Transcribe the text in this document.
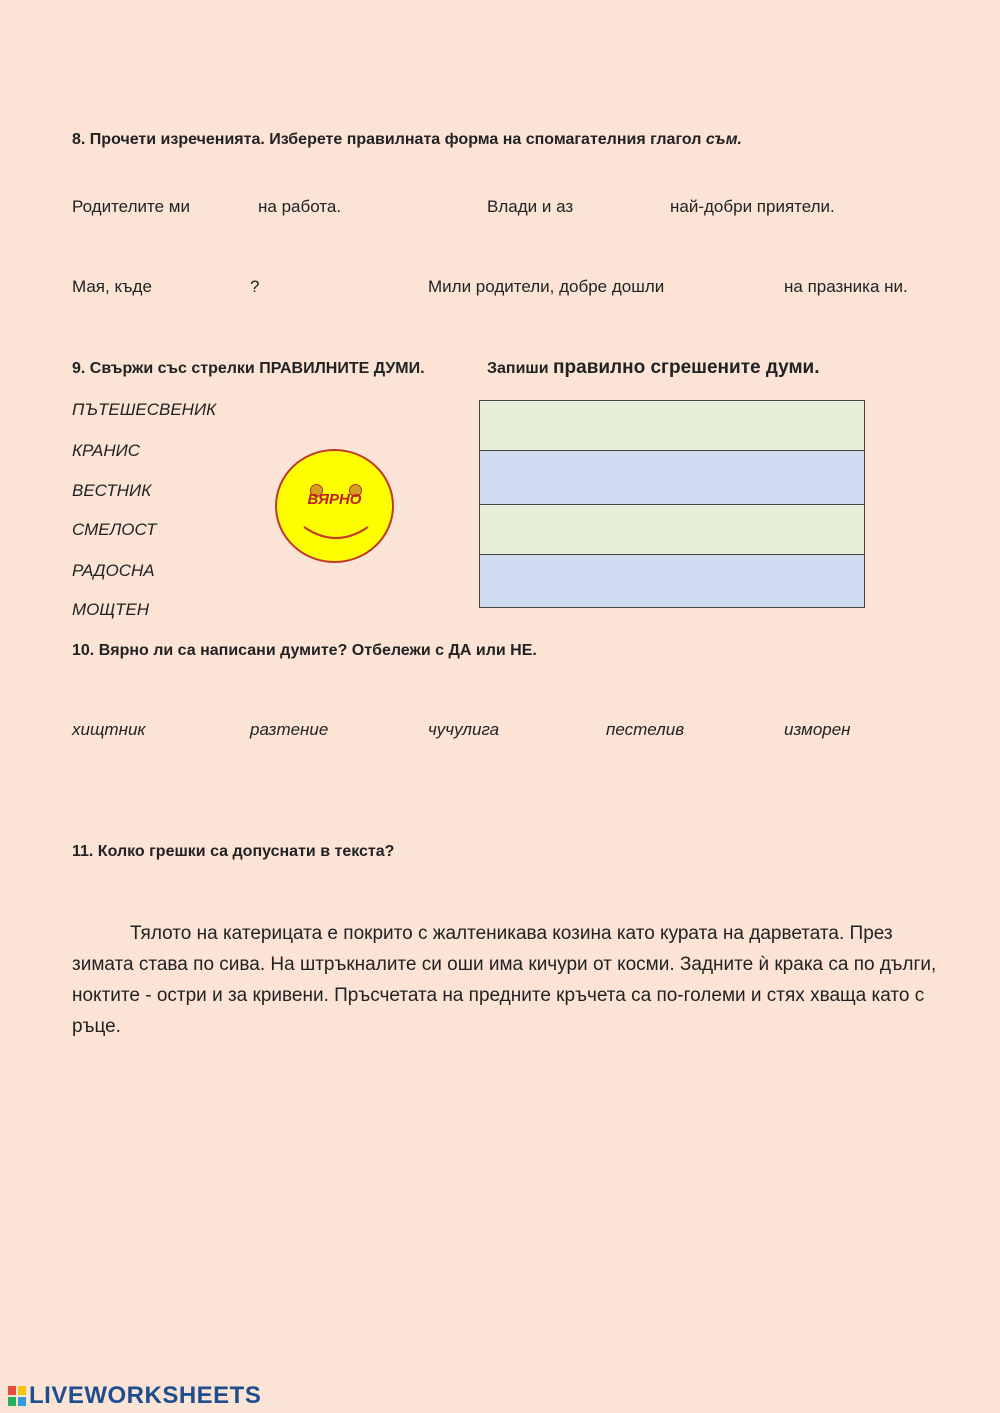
8. Прочети изреченията. Изберете правилната форма на спомагателния глагол съм.
Родителите ми	на работа.	Влади и аз	най-добри приятели.
Мая, къде	?	Мили родители, добре дошли	на празника ни.
9. Свържи със стрелки ПРАВИЛНИТЕ ДУМИ.	Запиши правилно сгрешените думи.
ПЪТЕШЕСВЕНИК
КРАНИС
ВЕСТНИК
СМЕЛОСТ
РАДОСНА
МОЩТЕН
ВЯРНО
10. Вярно ли са написани думите? Отбележи с ДА или НЕ.
хищтник	разтение	чучулига	пестелив	изморен
11. Колко грешки са допуснати в текста?
Тялото на катерицата е покрито с жалтеникава козина като курата на дарветата. През зимата става по сива. На штръкналите си оши има кичури от косми. Задните ѝ крака са по дълги, ноктите - остри и за кривени. Пръсчетата на предните кръчета са по-големи и стях хваща като с ръце.
LIVEWORKSHEETS
